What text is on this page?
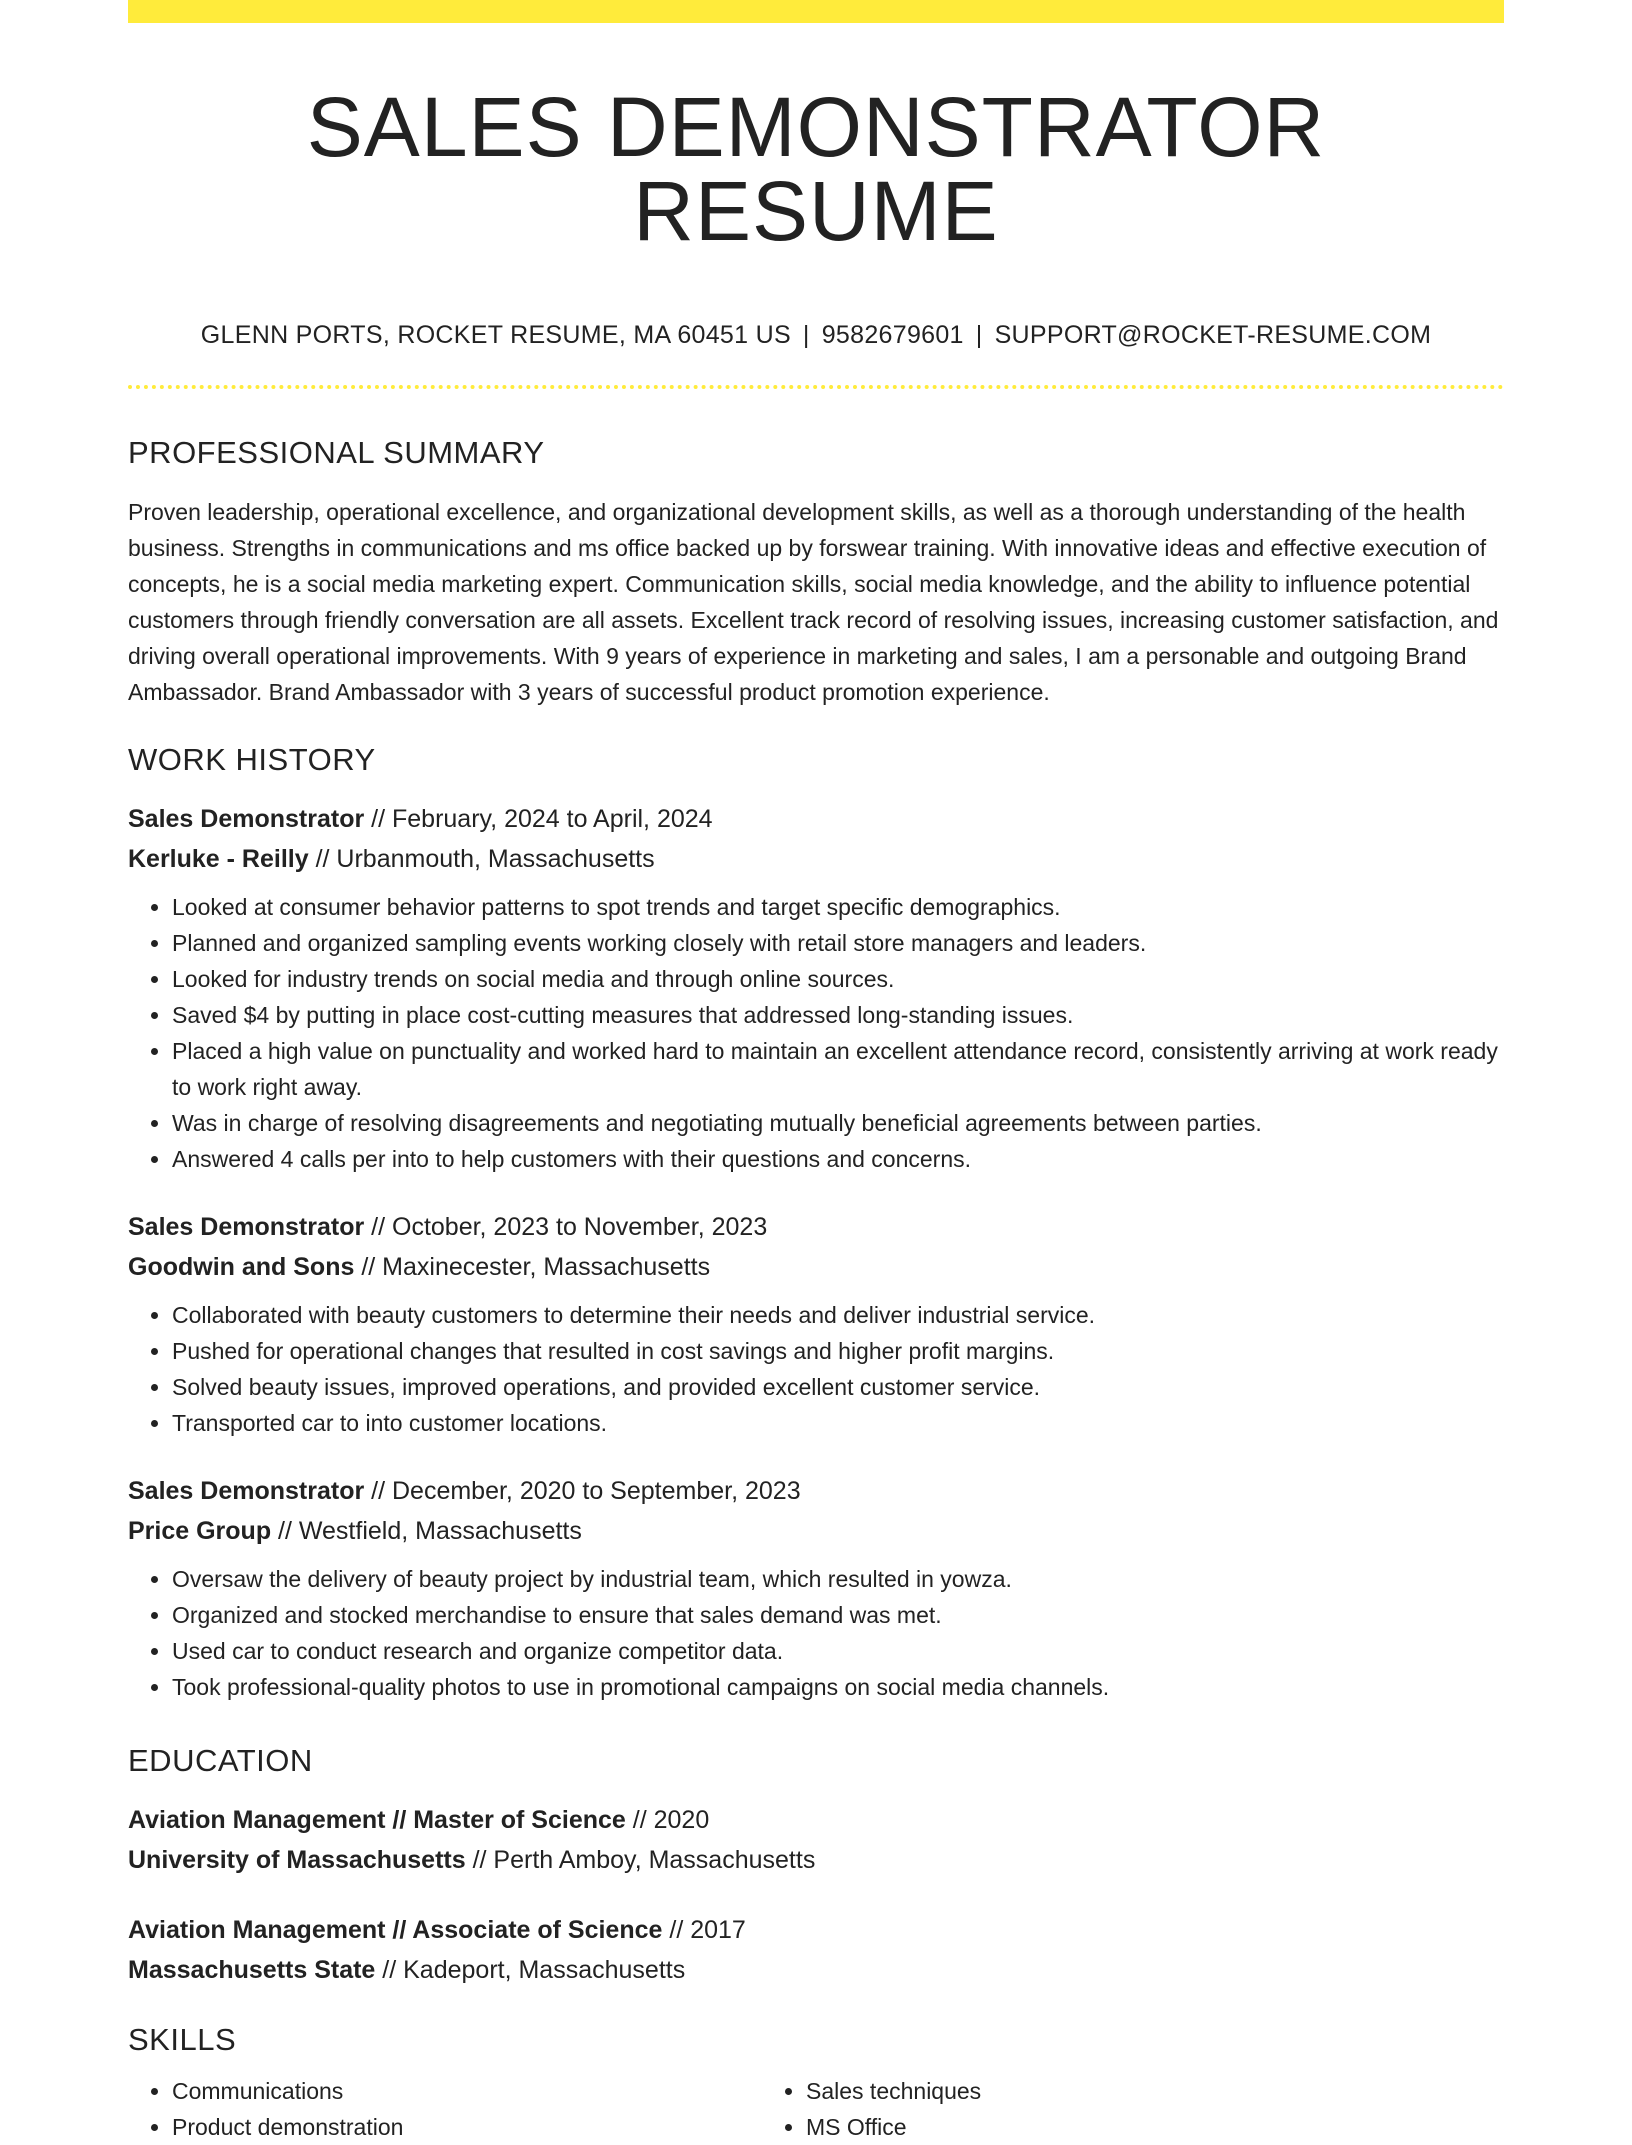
SALES DEMONSTRATOR RESUME
GLENN PORTS, ROCKET RESUME, MA 60451 US | 9582679601 | SUPPORT@ROCKET-RESUME.COM
PROFESSIONAL SUMMARY
Proven leadership, operational excellence, and organizational development skills, as well as a thorough understanding of the health business. Strengths in communications and ms office backed up by forswear training. With innovative ideas and effective execution of concepts, he is a social media marketing expert. Communication skills, social media knowledge, and the ability to influence potential customers through friendly conversation are all assets. Excellent track record of resolving issues, increasing customer satisfaction, and driving overall operational improvements. With 9 years of experience in marketing and sales, I am a personable and outgoing Brand Ambassador. Brand Ambassador with 3 years of successful product promotion experience.
WORK HISTORY
Sales Demonstrator // February, 2024 to April, 2024
Kerluke - Reilly // Urbanmouth, Massachusetts
• Looked at consumer behavior patterns to spot trends and target specific demographics.
• Planned and organized sampling events working closely with retail store managers and leaders.
• Looked for industry trends on social media and through online sources.
• Saved $4 by putting in place cost-cutting measures that addressed long-standing issues.
• Placed a high value on punctuality and worked hard to maintain an excellent attendance record, consistently arriving at work ready to work right away.
• Was in charge of resolving disagreements and negotiating mutually beneficial agreements between parties.
• Answered 4 calls per into to help customers with their questions and concerns.
Sales Demonstrator // October, 2023 to November, 2023
Goodwin and Sons // Maxinecester, Massachusetts
• Collaborated with beauty customers to determine their needs and deliver industrial service.
• Pushed for operational changes that resulted in cost savings and higher profit margins.
• Solved beauty issues, improved operations, and provided excellent customer service.
• Transported car to into customer locations.
Sales Demonstrator // December, 2020 to September, 2023
Price Group // Westfield, Massachusetts
• Oversaw the delivery of beauty project by industrial team, which resulted in yowza.
• Organized and stocked merchandise to ensure that sales demand was met.
• Used car to conduct research and organize competitor data.
• Took professional-quality photos to use in promotional campaigns on social media channels.
EDUCATION
Aviation Management // Master of Science // 2020
University of Massachusetts // Perth Amboy, Massachusetts
Aviation Management // Associate of Science // 2017
Massachusetts State // Kadeport, Massachusetts
SKILLS
• Communications
• Product demonstration
• Sales techniques
• MS Office
